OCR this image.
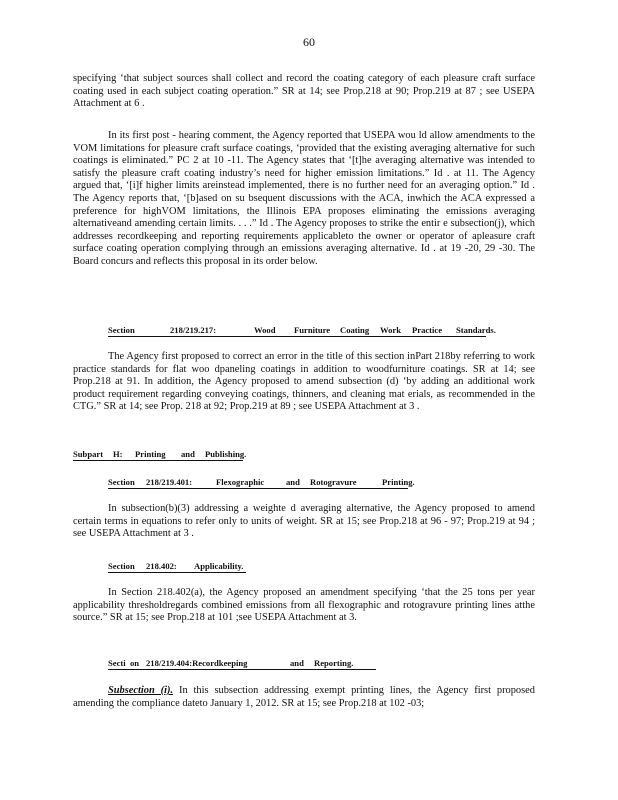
60
specifying ‘that subject sources shall collect and record the coating category of each pleasure craft surface coating used in each subject coating operation.” SR at 14; see Prop.218 at 90; Prop.219 at 87 ; see USEPA Attachment at 6 .
In its first post - hearing comment, the Agency reported that USEPA wou ld allow amendments to the VOM limitations for pleasure craft surface coatings, ‘provided that the existing averaging alternative for such coatings is eliminated.” PC 2 at 10 -11. The Agency states that ‘[t]he averaging alternative was intended to satisfy the pleasure craft coating industry’s need for higher emission limitations.” Id . at 11. The Agency argued that, ‘[i]f higher limits areinstead implemented, there is no further need for an averaging option.” Id . The Agency reports that, ‘[b]ased on su bsequent discussions with the ACA, inwhich the ACA expressed a preference for highVOM limitations, the Illinois EPA proposes eliminating the emissions averaging alternativeand amending certain limits. . . .” Id . The Agency proposes to strike the entir e subsection(j), which addresses recordkeeping and reporting requirements applicableto the owner or operator of apleasure craft surface coating operation complying through an emissions averaging alternative. Id . at 19 -20, 29 -30. The Board concurs and reflects this proposal in its order below.
Section	218/219.217:	Wood Furniture Coating Work Practice Standards.
The Agency first proposed to correct an error in the title of this section inPart 218by referring to work practice standards for flat woo dpaneling coatings in addition to woodfurniture coatings. SR at 14; see Prop.218 at 91. In addition, the Agency proposed to amend subsection (d) ‘by adding an additional work product requirement regarding conveying coatings, thinners, and cleaning mat erials, as recommended in the CTG.” SR at 14; see Prop. 218 at 92; Prop.219 at 89 ; see USEPA Attachment at 3 .
Subpart H: Printing and Publishing.
Section 218/219.401:	Flexographic	and Rotogravure	Printing.
In subsection(b)(3) addressing a weighte d averaging alternative, the Agency proposed to amend certain terms in equations to refer only to units of weight. SR at 15; see Prop.218 at 96 - 97; Prop.219 at 94 ; see USEPA Attachment at 3 .
Section 218.402: Applicability.
In Section 218.402(a), the Agency proposed an amendment specifying ‘that the 25 tons per year applicability thresholdregards combined emissions from all flexographic and rotogravure printing lines atthe source.” SR at 15; see Prop.218 at 101 ;see USEPA Attachment at 3.
Secti on 218/219.404:Recordkeeping	and Reporting.
Subsection (i). In this subsection addressing exempt printing lines, the Agency first proposed amending the compliance dateto January 1, 2012. SR at 15; see Prop.218 at 102 -03;
